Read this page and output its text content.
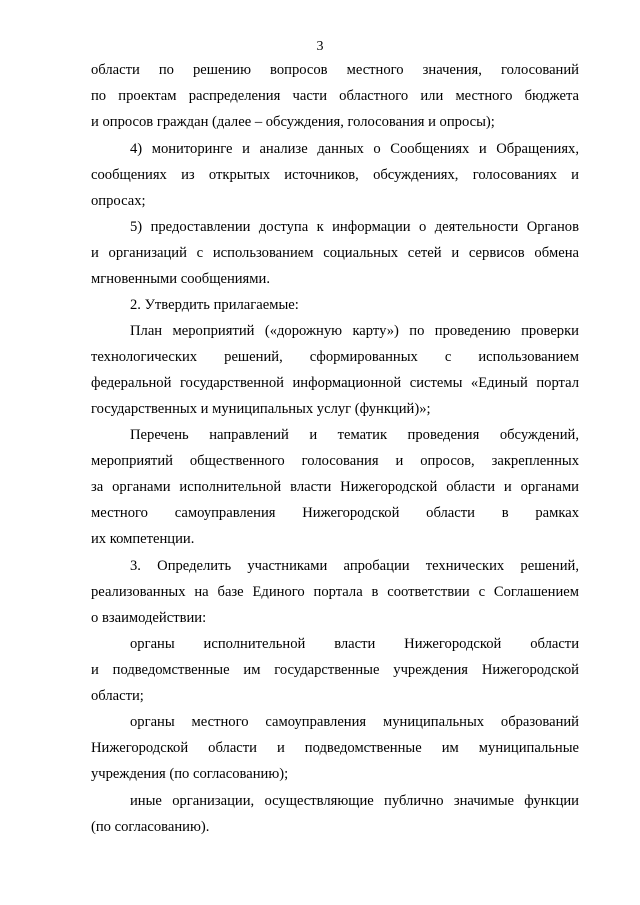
3
области по решению вопросов местного значения, голосований
по проектам распределения части областного или местного бюджета
и опросов граждан (далее – обсуждения, голосования и опросы);
4) мониторинге и анализе данных о Сообщениях и Обращениях,
сообщениях из открытых источников, обсуждениях, голосованиях и
опросах;
5) предоставлении доступа к информации о деятельности Органов
и организаций с использованием социальных сетей и сервисов обмена
мгновенными сообщениями.
2. Утвердить прилагаемые:
План мероприятий («дорожную карту») по проведению проверки
технологических решений, сформированных с использованием
федеральной государственной информационной системы «Единый портал
государственных и муниципальных услуг (функций)»;
Перечень направлений и тематик проведения обсуждений,
мероприятий общественного голосования и опросов, закрепленных
за органами исполнительной власти Нижегородской области и органами
местного самоуправления Нижегородской области в рамках
их компетенции.
3. Определить участниками апробации технических решений,
реализованных на базе Единого портала в соответствии с Соглашением
о взаимодействии:
органы исполнительной власти Нижегородской области
и подведомственные им государственные учреждения Нижегородской
области;
органы местного самоуправления муниципальных образований
Нижегородской области и подведомственные им муниципальные
учреждения (по согласованию);
иные организации, осуществляющие публично значимые функции
(по согласованию).
